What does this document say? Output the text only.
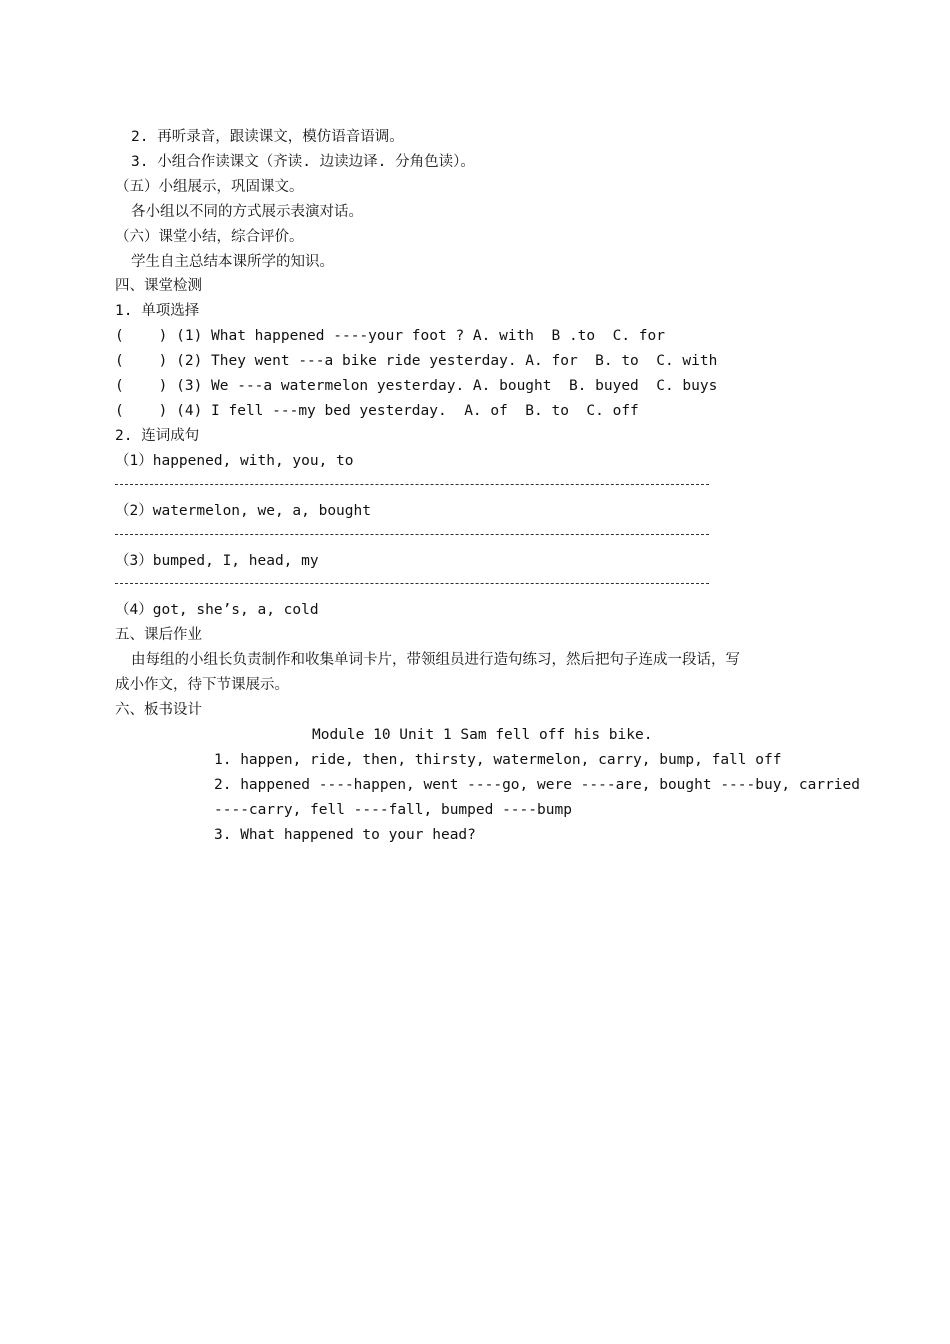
2. 再听录音，跟读课文，模仿语音语调。
3. 小组合作读课文（齐读. 边读边译. 分角色读）。
（五）小组展示，巩固课文。
各小组以不同的方式展示表演对话。
（六）课堂小结，综合评价。
学生自主总结本课所学的知识。
四、课堂检测
1. 单项选择
(    ) (1) What happened ----your foot ? A. with  B .to  C. for
(    ) (2) They went ---a bike ride yesterday. A. for  B. to  C. with
(    ) (3) We ---a watermelon yesterday. A. bought  B. buyed  C. buys
(    ) (4) I fell ---my bed yesterday.  A. of  B. to  C. off
2. 连词成句
（1）happened, with, you, to
（2）watermelon, we, a, bought
（3）bumped, I, head, my
（4）got, she’s, a, cold
五、课后作业
由每组的小组长负责制作和收集单词卡片，带领组员进行造句练习，然后把句子连成一段话，写
成小作文，待下节课展示。
六、板书设计
Module 10 Unit 1 Sam fell off his bike.
1. happen, ride, then, thirsty, watermelon, carry, bump, fall off
2. happened ----happen, went ----go, were ----are, bought ----buy, carried
----carry, fell ----fall, bumped ----bump
3. What happened to your head?
